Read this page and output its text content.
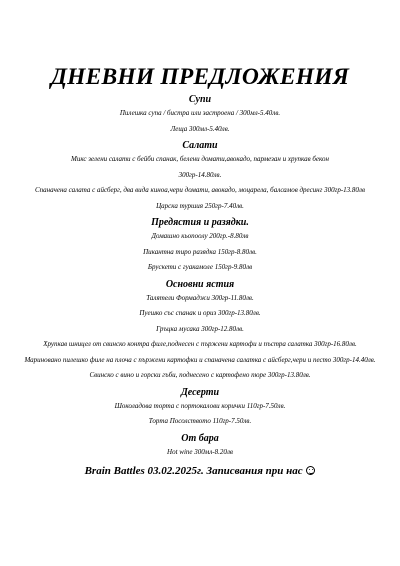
ДНЕВНИ ПРЕДЛОЖЕНИЯ
Супи

Пилешка супа / бистра или застроена / 300мл-5.40лв.

Леща 300мл-5.40лв.

Салати

Микс зелени салати с бейби спанак, белени домати,авокадо, пармезан и хрупкав бекон

300гр-14.80лв.

Спаначена салата с айсберг, два вида киноа,чери домати, авокадо, моцарела, балсамов дресинг 300гр-13.80лв

Царска туршия 250гр-7.40лв.

Предястия и разядки.

Домашно кьопоолу 200гр.-8.80лв

Пикантна тиро разядка 150гр-8.80лв.

Брускети с гуакамоле 150гр-9.80лв

Основни ястия

Талятели Формаджи 300гр-11.80лв.

Пуешко със спанак и ориз 300гр-13.80лв.

Гръцка мусака 300гр-12.80лв.

Хрупкав шницел от свинско контра филе,поднесен с пържени картофи и пъстра салатка 300гр-16.80лв.

Мариновано пилешко филе на плоча с пържени картофки и спаначена салатка с айсберг,чери и песто 300гр-14.40лв.

Свинско с вино и горски гъби, поднесено с картофено пюре 300гр-13.80лв.

Десерти

Шоколадова торта с портокалови корички 110гр-7.50лв.

Торта Посолството 110гр-7.50лв.

От бара

Hot wine 300мл-8.20лв

Brain Battles 03.02.2025г. Записвания при нас
